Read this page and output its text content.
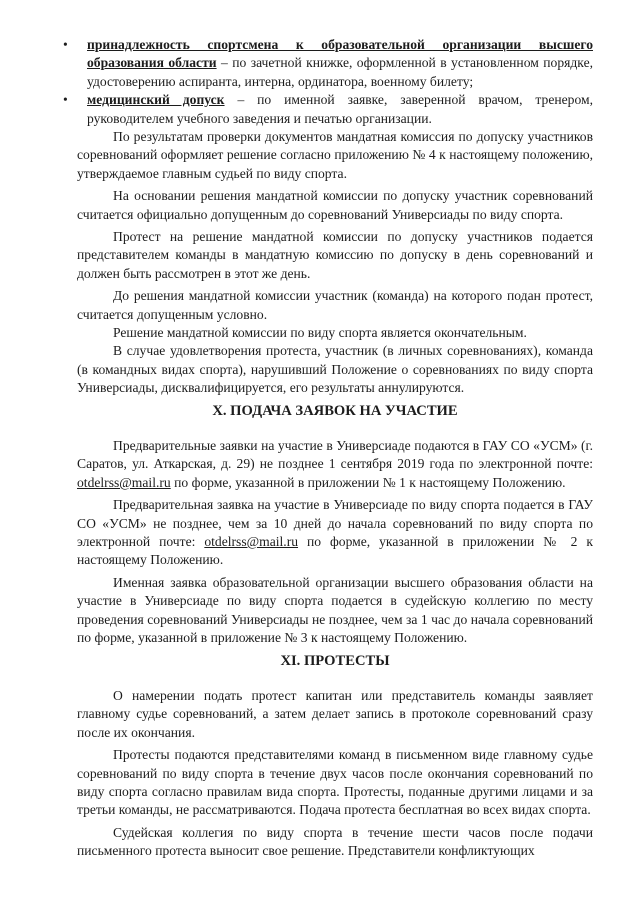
• принадлежность спортсмена к образовательной организации высшего образования области – по зачетной книжке, оформленной в установленном порядке, удостоверению аспиранта, интерна, ординатора, военному билету;

• медицинский допуск – по именной заявке, заверенной врачом, тренером, руководителем учебного заведения и печатью организации.

По результатам проверки документов мандатная комиссия по допуску участников соревнований оформляет решение согласно приложению № 4 к настоящему положению, утверждаемое главным судьей по виду спорта.

На основании решения мандатной комиссии по допуску участник соревнований считается официально допущенным до соревнований Универсиады по виду спорта.

Протест на решение мандатной комиссии по допуску участников подается представителем команды в мандатную комиссию по допуску в день соревнований и должен быть рассмотрен в этот же день.

До решения мандатной комиссии участник (команда) на которого подан протест, считается допущенным условно.

Решение мандатной комиссии по виду спорта является окончательным.

В случае удовлетворения протеста, участник (в личных соревнованиях), команда (в командных видах спорта), нарушивший Положение о соревнованиях по виду спорта Универсиады, дисквалифицируется, его результаты аннулируются.

X. ПОДАЧА ЗАЯВОК НА УЧАСТИЕ

Предварительные заявки на участие в Универсиаде подаются в ГАУ СО «УСМ» (г. Саратов, ул. Аткарская, д. 29) не позднее 1 сентября 2019 года по электронной почте: otdelrss@mail.ru по форме, указанной в приложении № 1 к настоящему Положению.

Предварительная заявка на участие в Универсиаде по виду спорта подается в ГАУ СО «УСМ» не позднее, чем за 10 дней до начала соревнований по виду спорта по электронной почте: otdelrss@mail.ru по форме, указанной в приложении № 2 к настоящему Положению.

Именная заявка образовательной организации высшего образования области на участие в Универсиаде по виду спорта подается в судейскую коллегию по месту проведения соревнований Универсиады не позднее, чем за 1 час до начала соревнований по форме, указанной в приложение № 3 к настоящему Положению.

XI. ПРОТЕСТЫ

О намерении подать протест капитан или представитель команды заявляет главному судье соревнований, а затем делает запись в протоколе соревнований сразу после их окончания.

Протесты подаются представителями команд в письменном виде главному судье соревнований по виду спорта в течение двух часов после окончания соревнований по виду спорта согласно правилам вида спорта. Протесты, поданные другими лицами и за третьи команды, не рассматриваются. Подача протеста бесплатная во всех видах спорта.

Судейская коллегия по виду спорта в течение шести часов после подачи письменного протеста выносит свое решение. Представители конфликтующих
